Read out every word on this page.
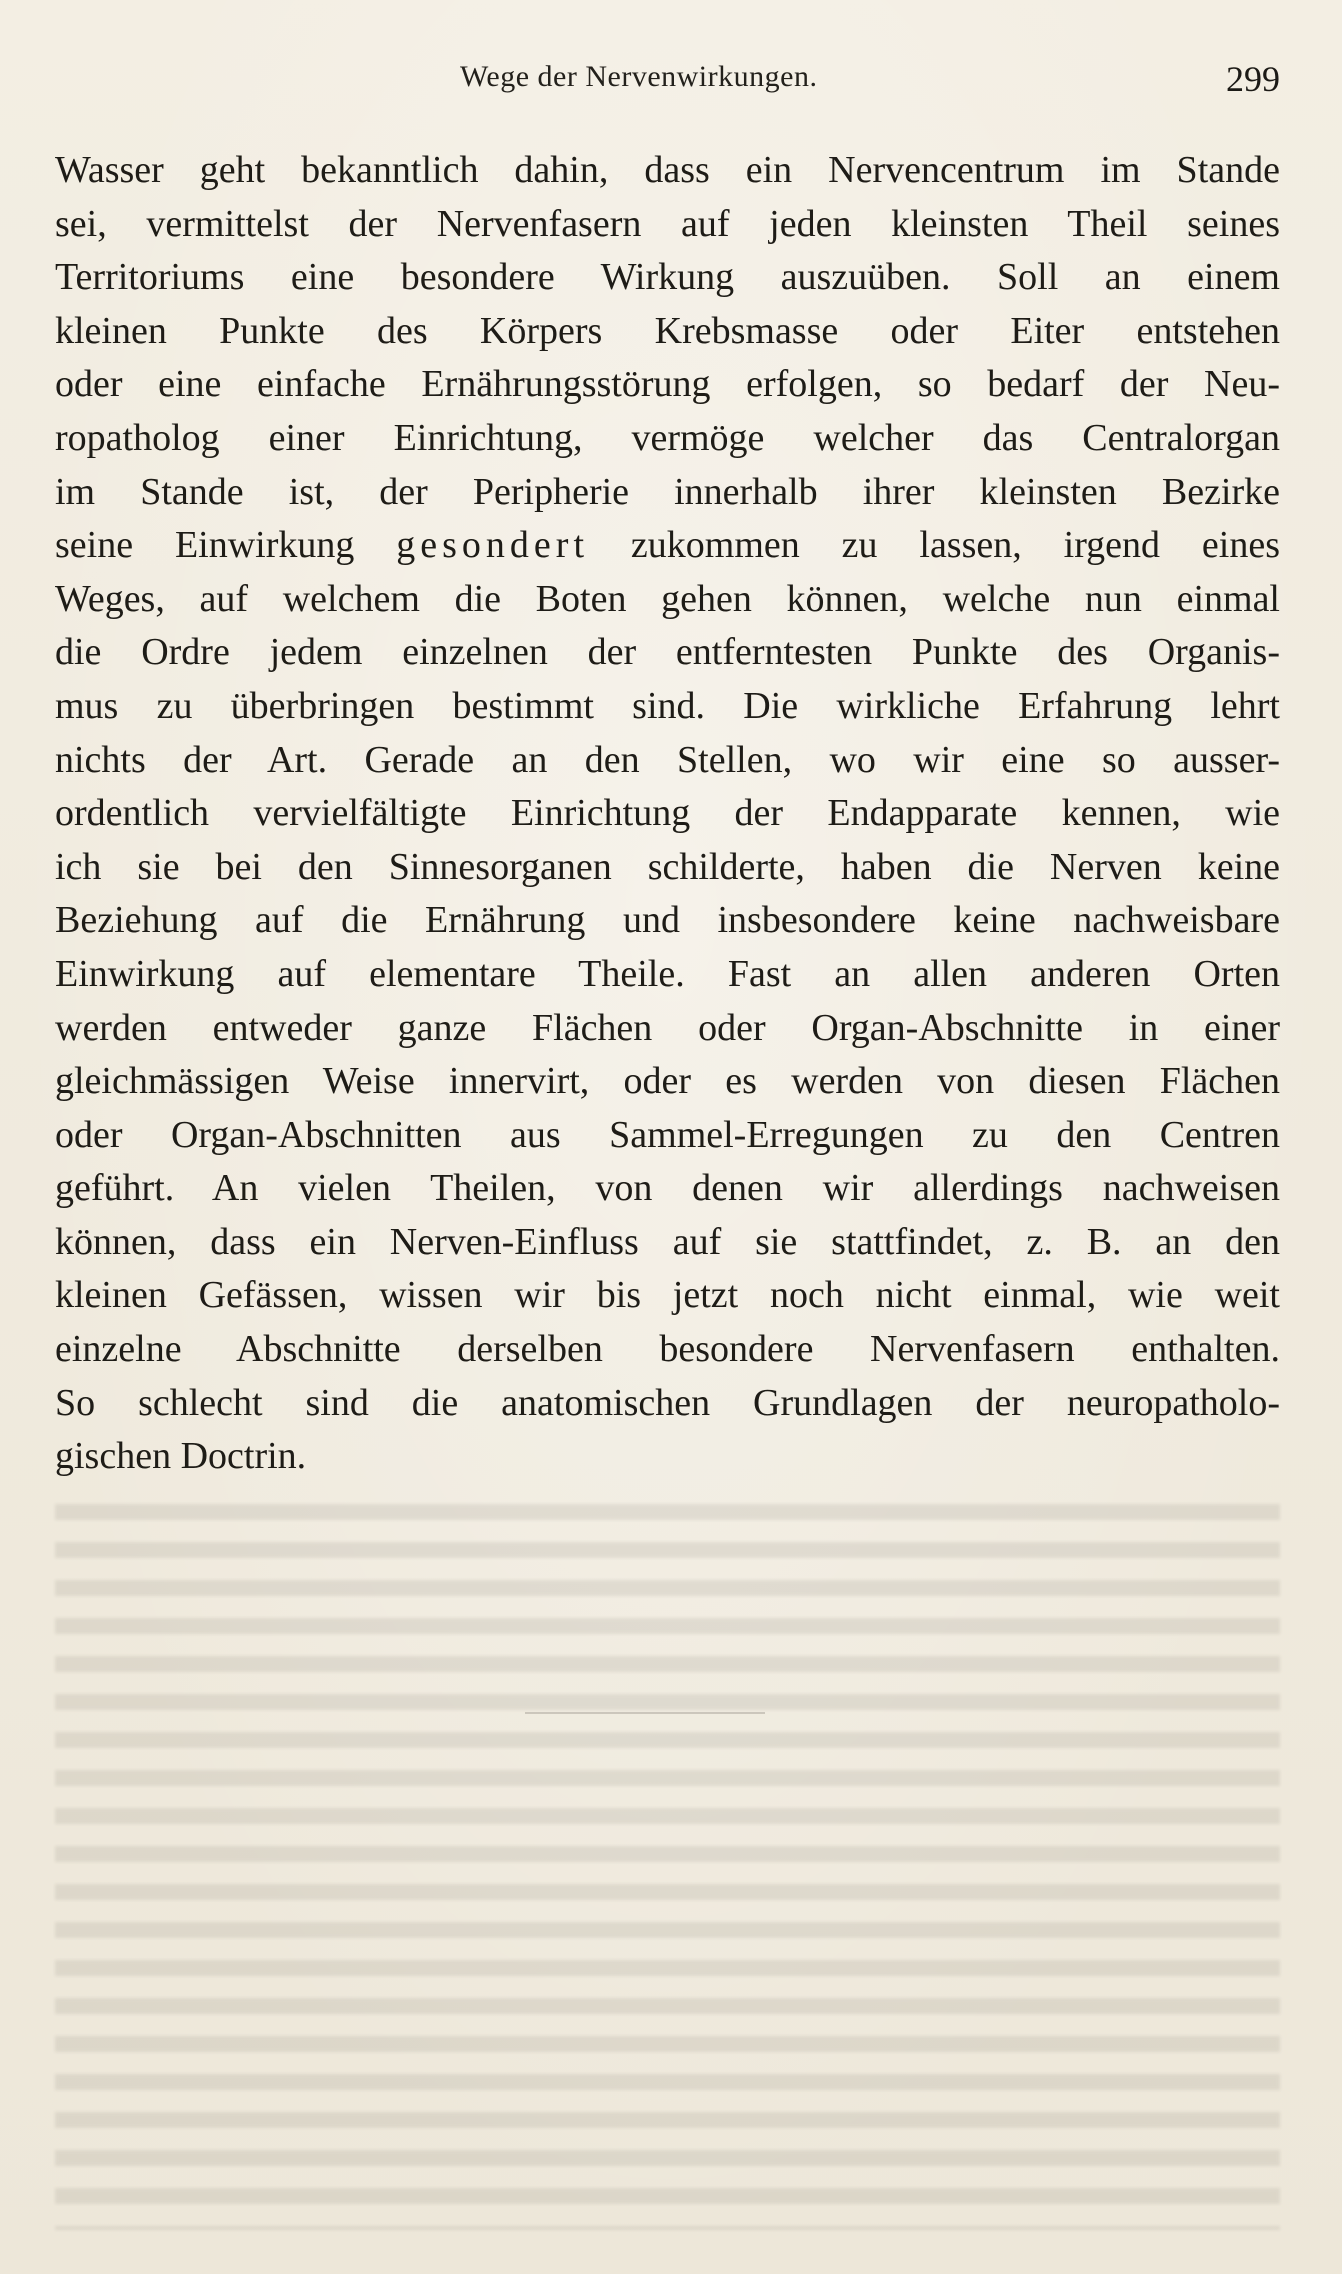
Wege der Nervenwirkungen.	299
Wasser geht bekanntlich dahin, dass ein Nervencentrum im Stande
sei, vermittelst der Nervenfasern auf jeden kleinsten Theil seines
Territoriums eine besondere Wirkung auszuüben. Soll an einem
kleinen Punkte des Körpers Krebsmasse oder Eiter entstehen
oder eine einfache Ernährungsstörung erfolgen, so bedarf der Neu-
ropatholog einer Einrichtung, vermöge welcher das Centralorgan
im Stande ist, der Peripherie innerhalb ihrer kleinsten Bezirke
seine Einwirkung gesondert zukommen zu lassen, irgend eines
Weges, auf welchem die Boten gehen können, welche nun einmal
die Ordre jedem einzelnen der entferntesten Punkte des Organis-
mus zu überbringen bestimmt sind. Die wirkliche Erfahrung lehrt
nichts der Art. Gerade an den Stellen, wo wir eine so ausser-
ordentlich vervielfältigte Einrichtung der Endapparate kennen, wie
ich sie bei den Sinnesorganen schilderte, haben die Nerven keine
Beziehung auf die Ernährung und insbesondere keine nachweisbare
Einwirkung auf elementare Theile. Fast an allen anderen Orten
werden entweder ganze Flächen oder Organ-Abschnitte in einer
gleichmässigen Weise innervirt, oder es werden von diesen Flächen
oder Organ-Abschnitten aus Sammel-Erregungen zu den Centren
geführt. An vielen Theilen, von denen wir allerdings nachweisen
können, dass ein Nerven-Einfluss auf sie stattfindet, z. B. an den
kleinen Gefässen, wissen wir bis jetzt noch nicht einmal, wie weit
einzelne Abschnitte derselben besondere Nervenfasern enthalten.
So schlecht sind die anatomischen Grundlagen der neuropatholo-
gischen Doctrin.
